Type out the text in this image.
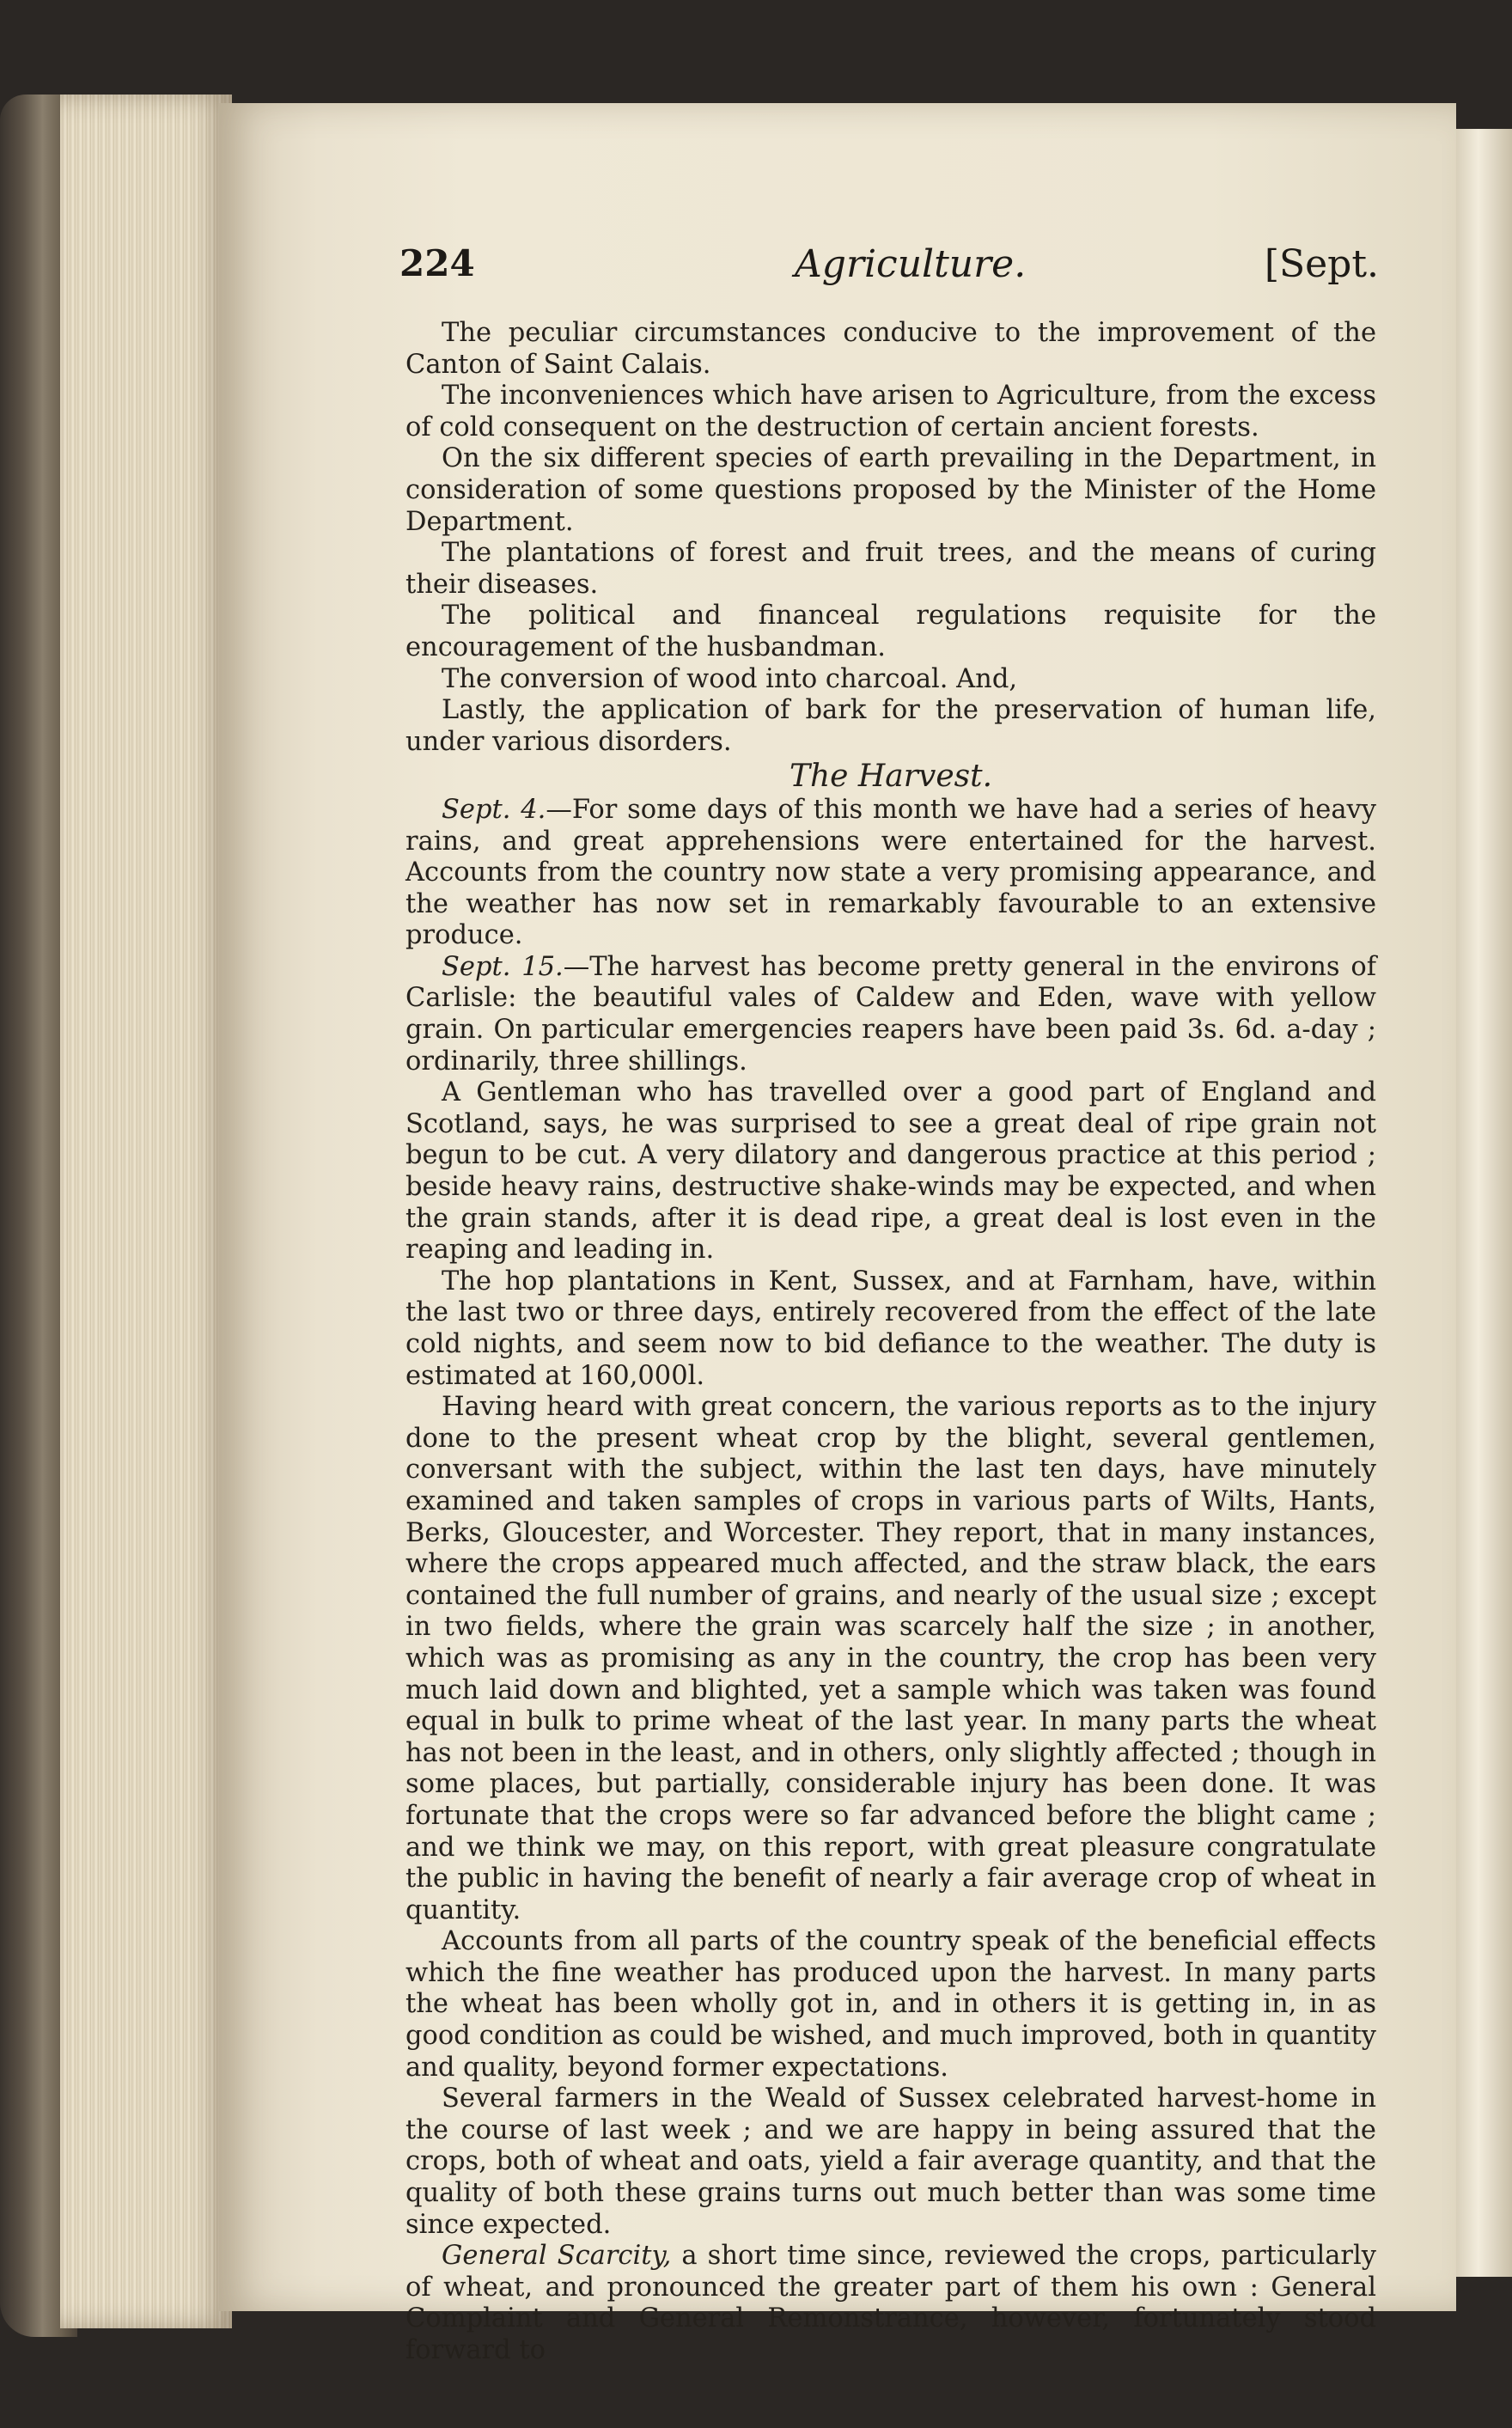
224	Agriculture.	[Sept.

The peculiar circumstances conducive to the improvement of the Canton of Saint Calais.

The inconveniences which have arisen to Agriculture, from the excess of cold consequent on the destruction of certain ancient forests.

On the six different species of earth prevailing in the Department, in consideration of some questions proposed by the Minister of the Home Department.

The plantations of forest and fruit trees, and the means of curing their diseases.

The political and financeal regulations requisite for the encouragement of the husbandman.

The conversion of wood into charcoal. And,

Lastly, the application of bark for the preservation of human life, under various disorders.

The Harvest.

Sept. 4.—For some days of this month we have had a series of heavy rains, and great apprehensions were entertained for the harvest. Accounts from the country now state a very promising appearance, and the weather has now set in remarkably favourable to an extensive produce.

Sept. 15.—The harvest has become pretty general in the environs of Carlisle: the beautiful vales of Caldew and Eden, wave with yellow grain. On particular emergencies reapers have been paid 3s. 6d. a-day ; ordinarily, three shillings.

A Gentleman who has travelled over a good part of England and Scotland, says, he was surprised to see a great deal of ripe grain not begun to be cut. A very dilatory and dangerous practice at this period ; beside heavy rains, destructive shake-winds may be expected, and when the grain stands, after it is dead ripe, a great deal is lost even in the reaping and leading in.

The hop plantations in Kent, Sussex, and at Farnham, have, within the last two or three days, entirely recovered from the effect of the late cold nights, and seem now to bid defiance to the weather. The duty is estimated at 160,000l.

Having heard with great concern, the various reports as to the injury done to the present wheat crop by the blight, several gentlemen, conversant with the subject, within the last ten days, have minutely examined and taken samples of crops in various parts of Wilts, Hants, Berks, Gloucester, and Worcester. They report, that in many instances, where the crops appeared much affected, and the straw black, the ears contained the full number of grains, and nearly of the usual size ; except in two fields, where the grain was scarcely half the size ; in another, which was as promising as any in the country, the crop has been very much laid down and blighted, yet a sample which was taken was found equal in bulk to prime wheat of the last year. In many parts the wheat has not been in the least, and in others, only slightly affected ; though in some places, but partially, considerable injury has been done. It was fortunate that the crops were so far advanced before the blight came ; and we think we may, on this report, with great pleasure congratulate the public in having the benefit of nearly a fair average crop of wheat in quantity.

Accounts from all parts of the country speak of the beneficial effects which the fine weather has produced upon the harvest. In many parts the wheat has been wholly got in, and in others it is getting in, in as good condition as could be wished, and much improved, both in quantity and quality, beyond former expectations.

Several farmers in the Weald of Sussex celebrated harvest-home in the course of last week ; and we are happy in being assured that the crops, both of wheat and oats, yield a fair average quantity, and that the quality of both these grains turns out much better than was some time since expected.

General Scarcity, a short time since, reviewed the crops, particularly of wheat, and pronounced the greater part of them his own : General Complaint and General Remonstrance, however, fortunately stood forward to
